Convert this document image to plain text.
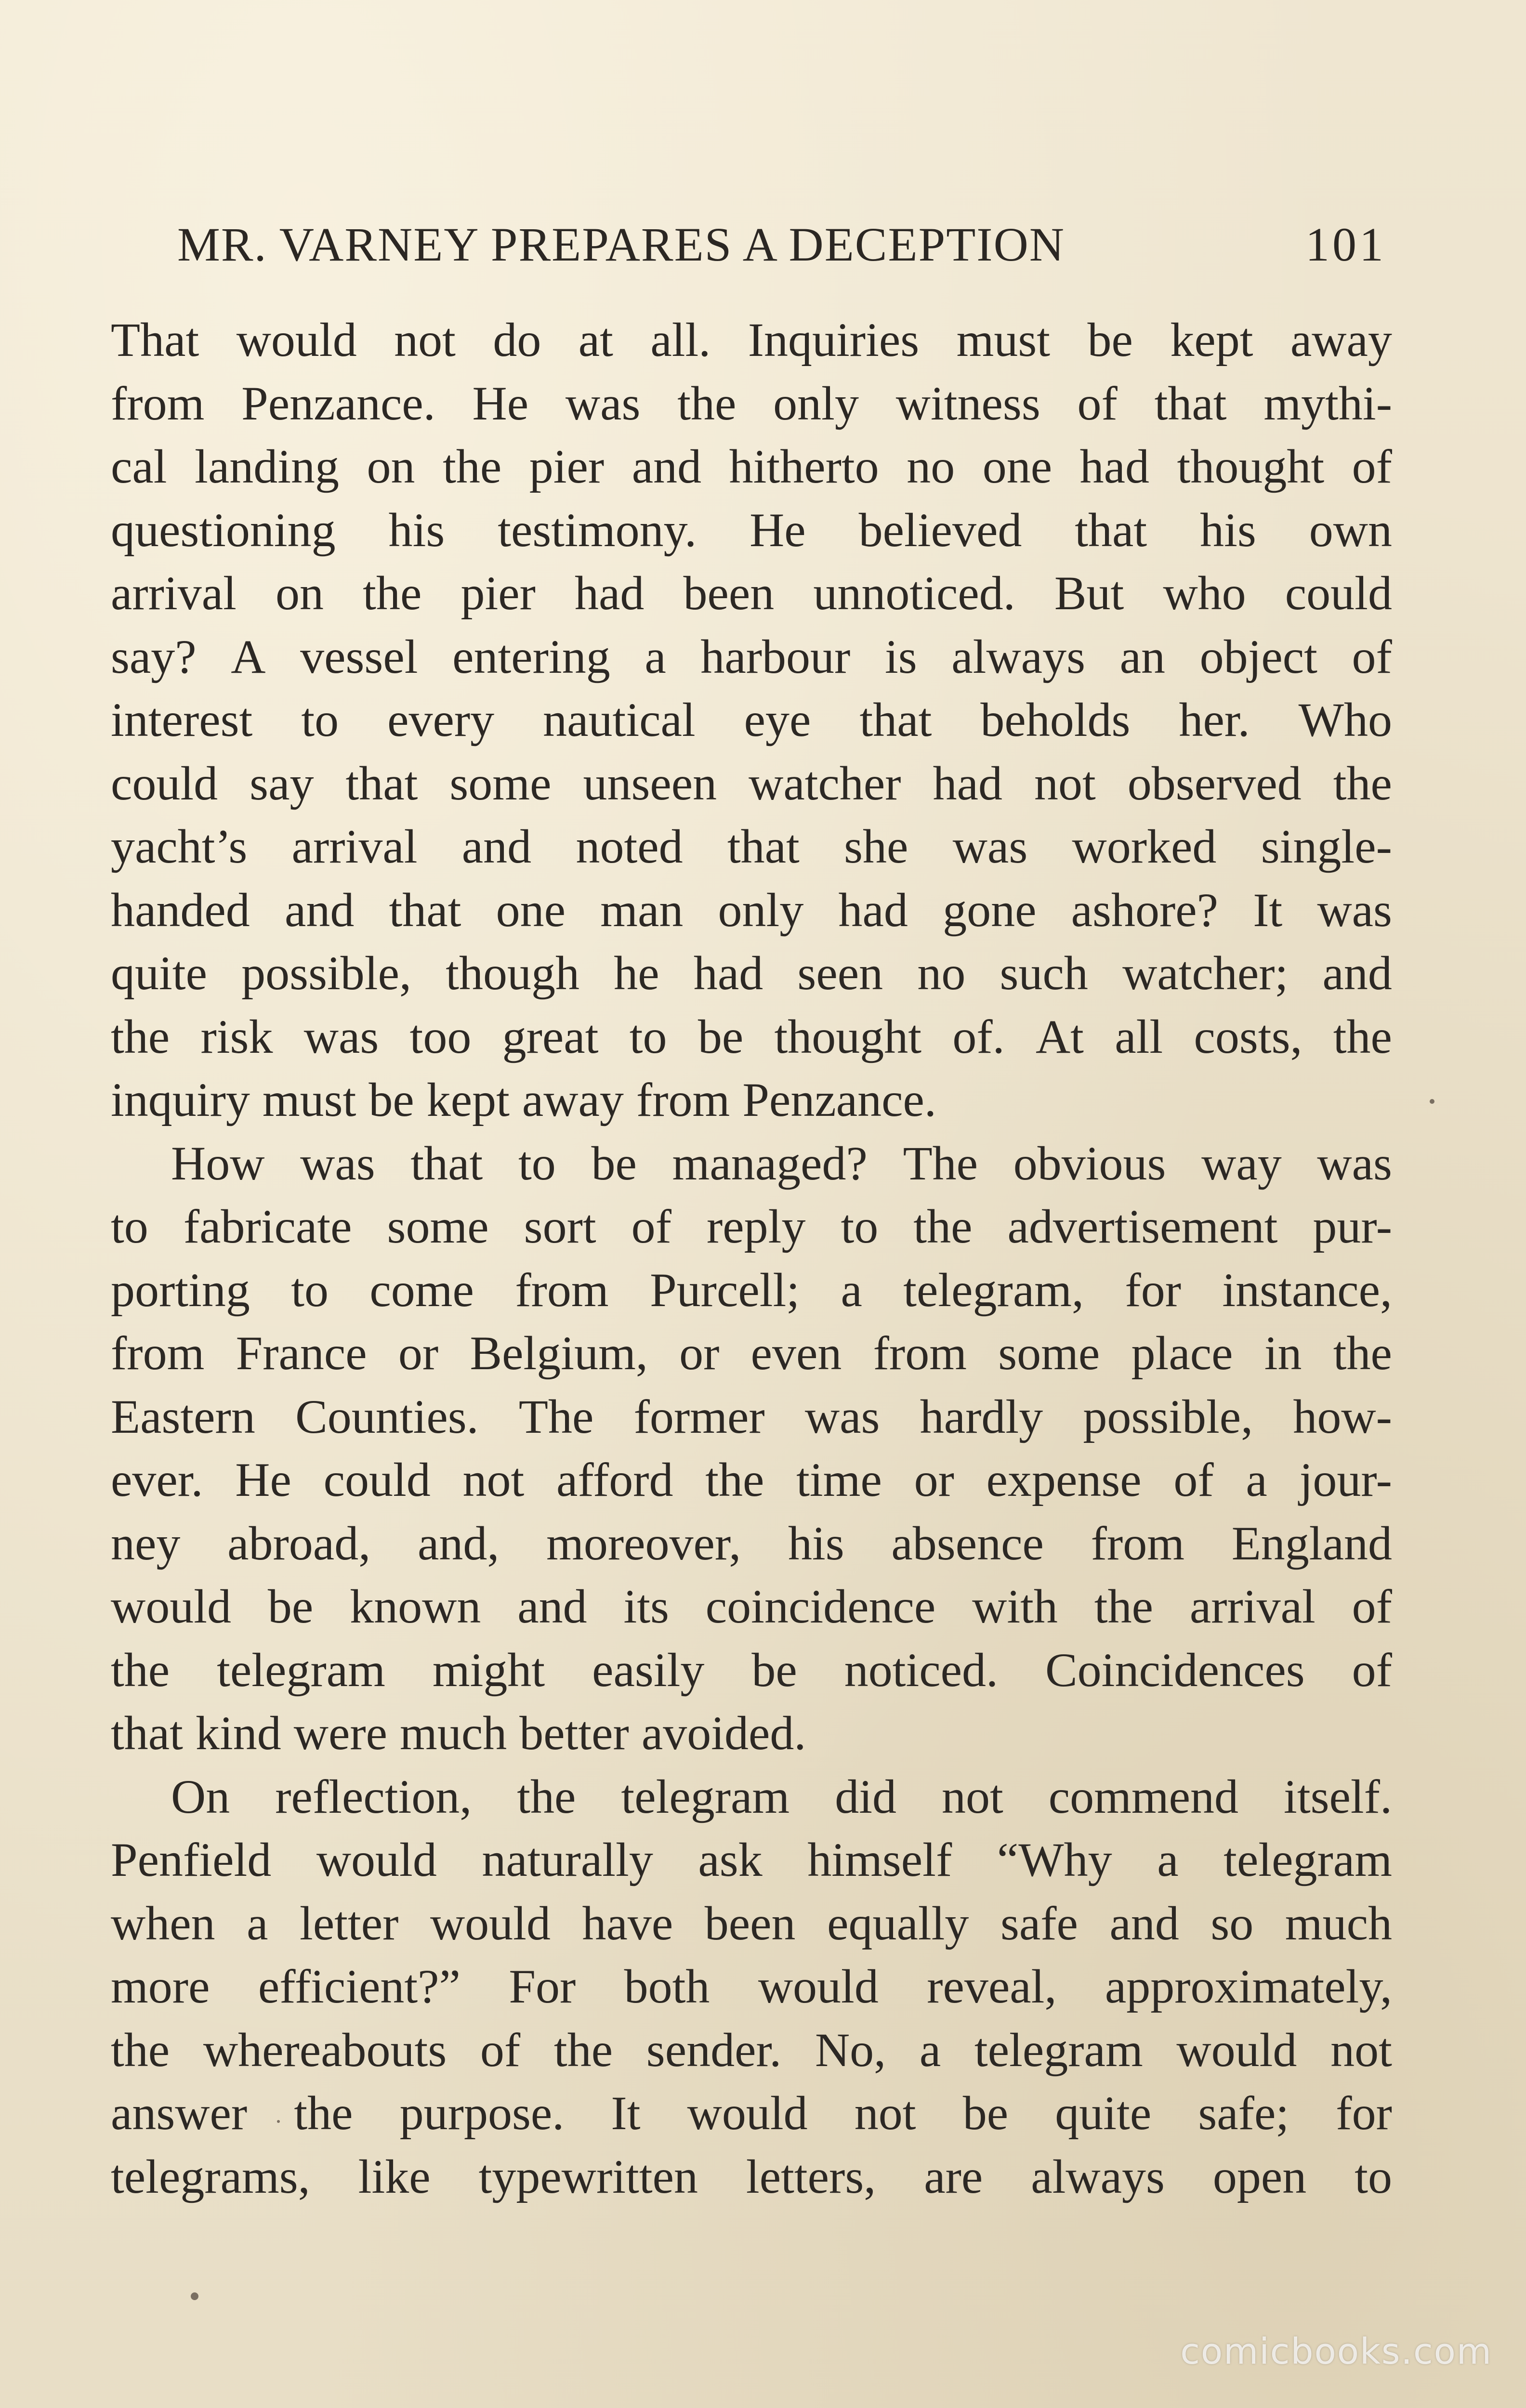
MR. VARNEY PREPARES A DECEPTION	101
That would not do at all. Inquiries must be kept away
from Penzance. He was the only witness of that mythi-
cal landing on the pier and hitherto no one had thought of
questioning his testimony. He believed that his own
arrival on the pier had been unnoticed. But who could
say? A vessel entering a harbour is always an object of
interest to every nautical eye that beholds her. Who
could say that some unseen watcher had not observed the
yacht’s arrival and noted that she was worked single-
handed and that one man only had gone ashore? It was
quite possible, though he had seen no such watcher; and
the risk was too great to be thought of. At all costs, the
inquiry must be kept away from Penzance.
How was that to be managed? The obvious way was
to fabricate some sort of reply to the advertisement pur-
porting to come from Purcell; a telegram, for instance,
from France or Belgium, or even from some place in the
Eastern Counties. The former was hardly possible, how-
ever. He could not afford the time or expense of a jour-
ney abroad, and, moreover, his absence from England
would be known and its coincidence with the arrival of
the telegram might easily be noticed. Coincidences of
that kind were much better avoided.
On reflection, the telegram did not commend itself.
Penfield would naturally ask himself “Why a telegram
when a letter would have been equally safe and so much
more efficient?” For both would reveal, approximately,
the whereabouts of the sender. No, a telegram would not
answer the purpose. It would not be quite safe; for
telegrams, like typewritten letters, are always open to
comicbooks.com
